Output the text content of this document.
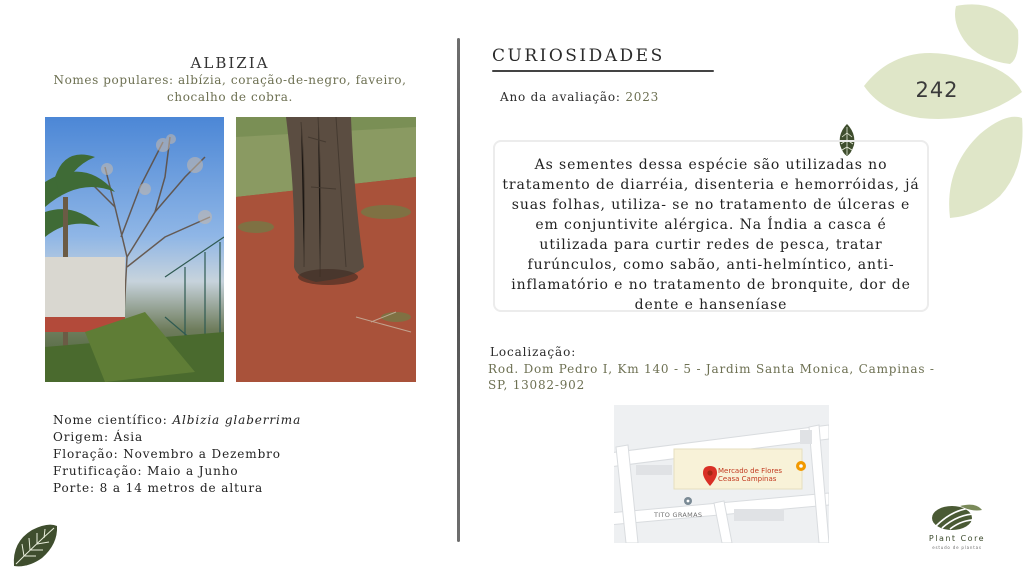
ALBIZIA
Nomes populares: albízia, coração-de-negro, faveiro, chocalho de cobra.
Nome científico: Albizia glaberrima
Origem: Ásia
Floração: Novembro a Dezembro
Frutificação: Maio a Junho
Porte: 8 a 14 metros de altura
CURIOSIDADES
Ano da avaliação: 2023
As sementes dessa espécie são utilizadas no tratamento de diarréia, disenteria e hemorróidas, já suas folhas, utiliza- se no tratamento de úlceras e em conjuntivite alérgica. Na Índia a casca é utilizada para curtir redes de pesca, tratar furúnculos, como sabão, anti-helmíntico, anti-inflamatório e no tratamento de bronquite, dor de dente e hanseníase
Localização:
Rod. Dom Pedro I, Km 140 - 5 - Jardim Santa Monica, Campinas - SP, 13082-902
Mercado de Flores
Ceasa Campinas
TITO GRAMAS
242
Plant Core
estudo de plantas
